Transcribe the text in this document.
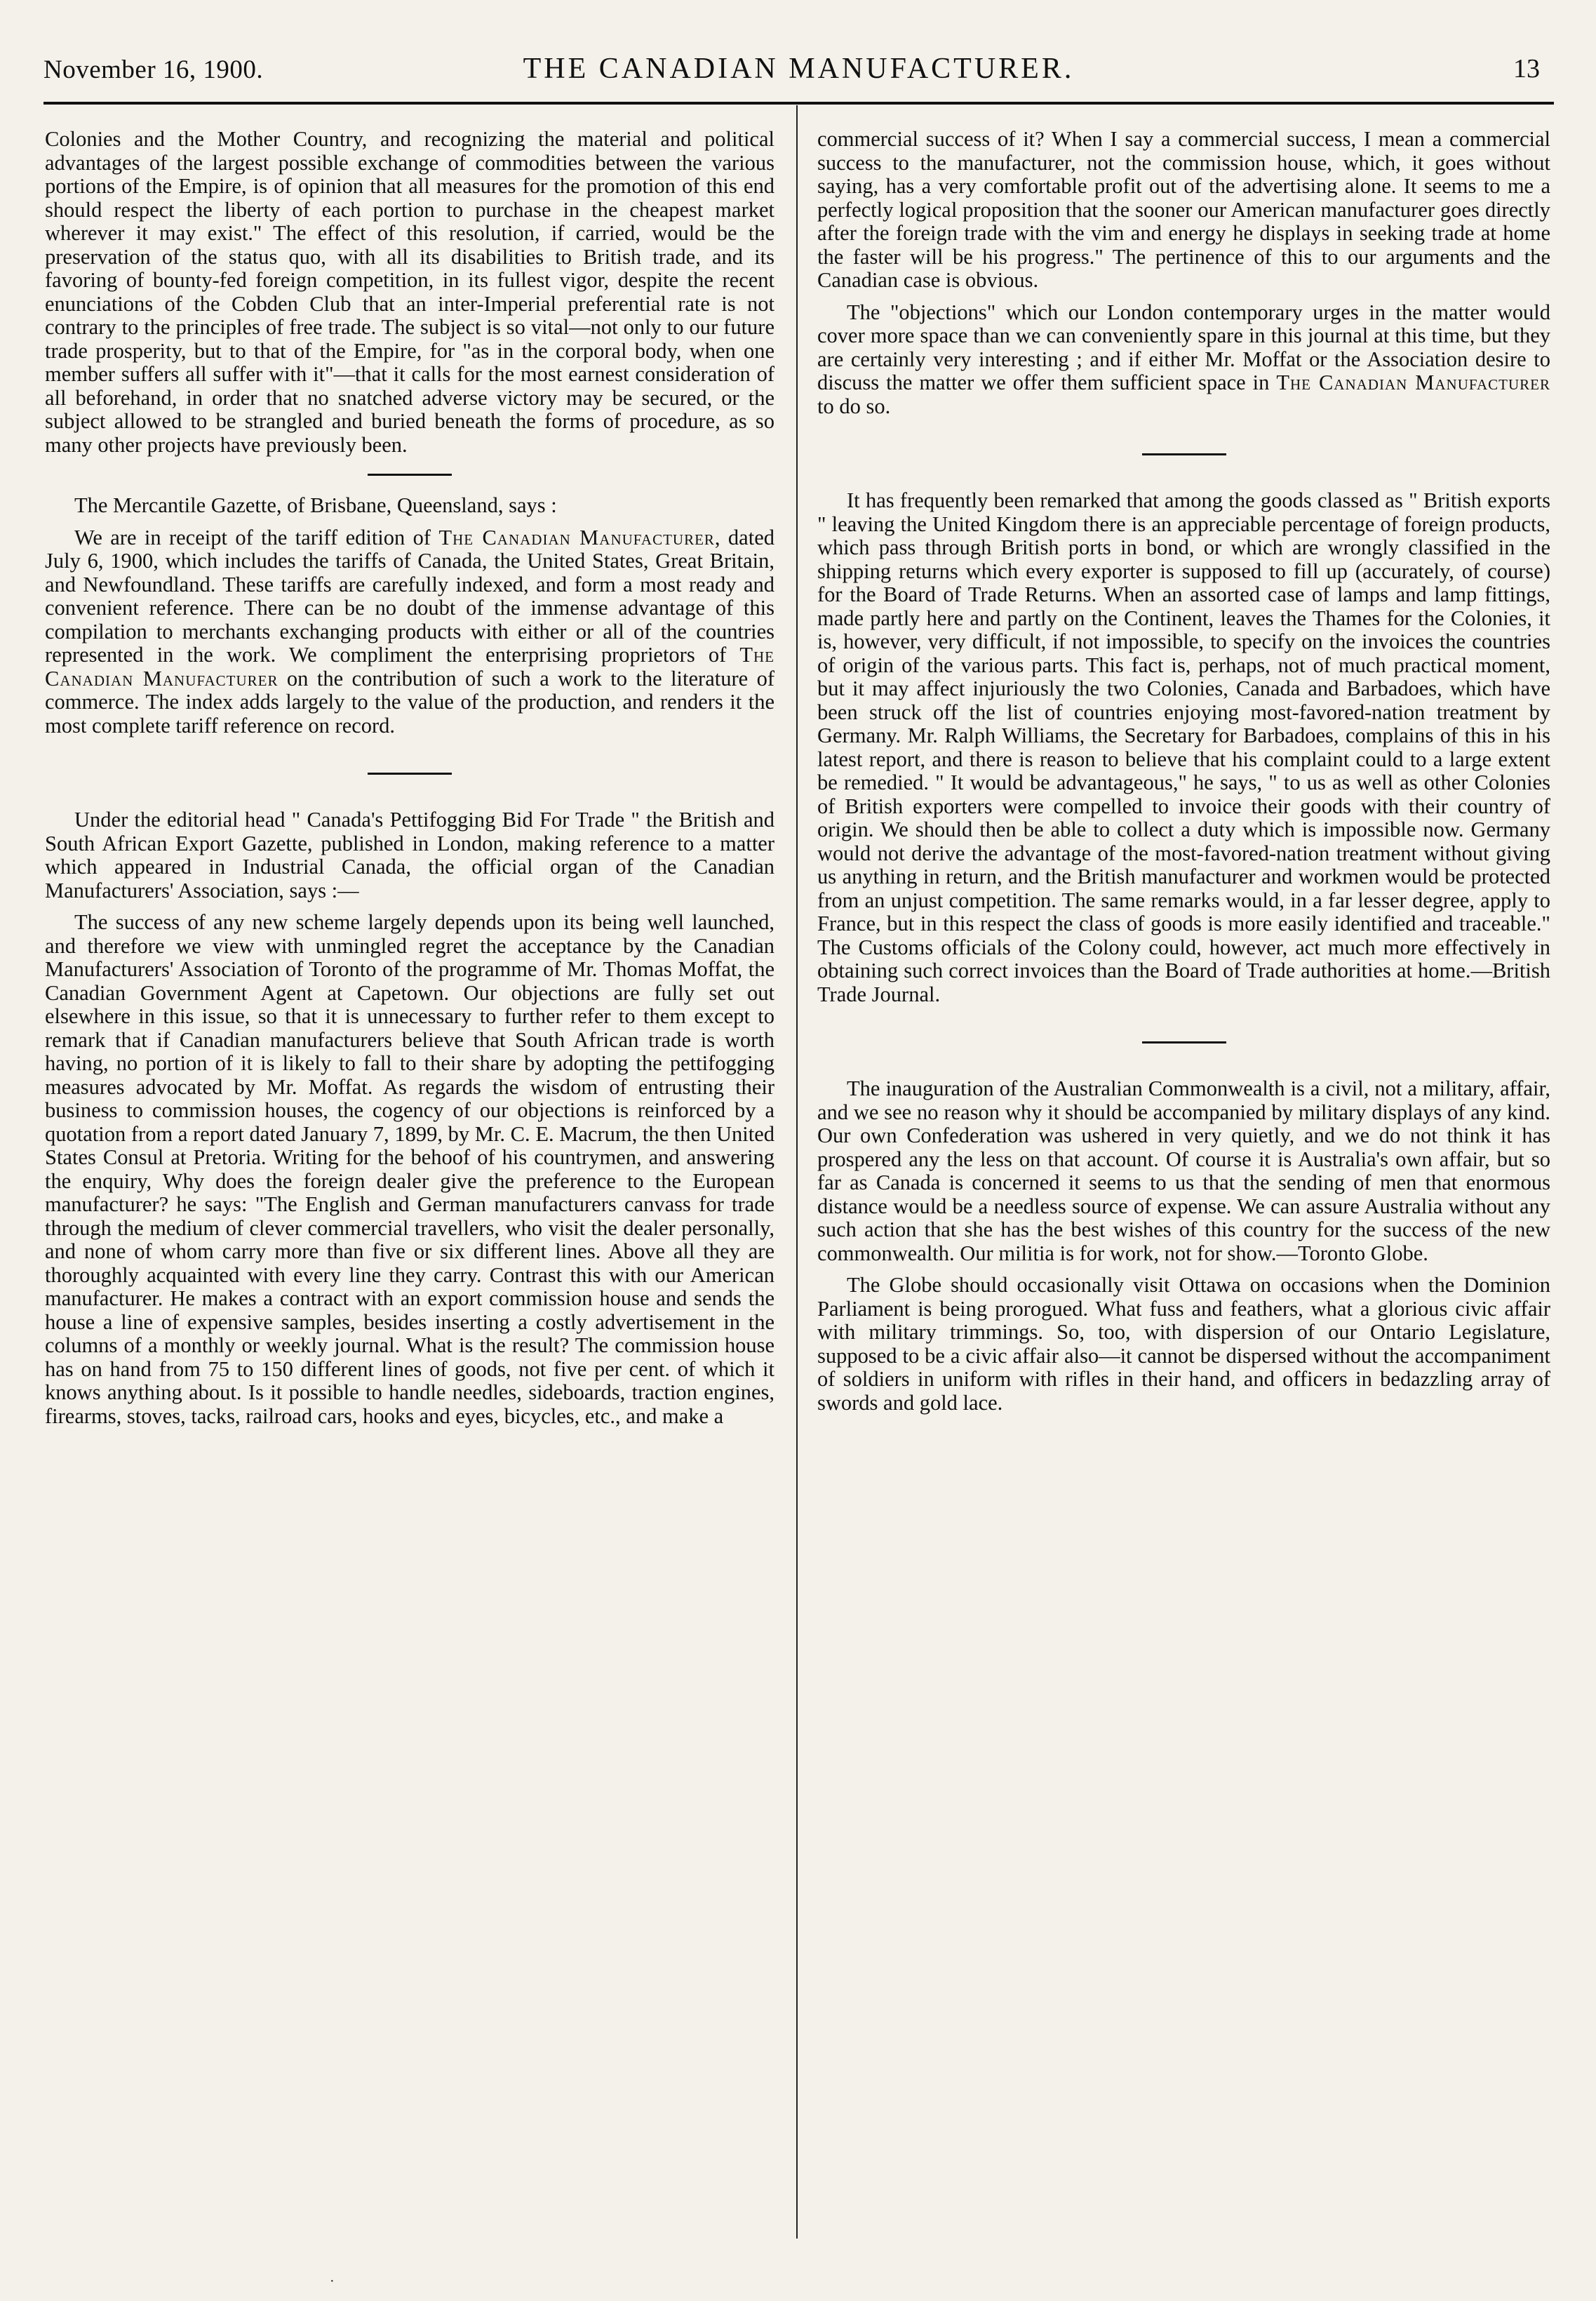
November 16, 1900.	THE CANADIAN MANUFACTURER.	13

Colonies and the Mother Country, and recognizing the material and political advantages of the largest possible exchange of commodities between the various portions of the Empire, is of opinion that all measures for the promotion of this end should respect the liberty of each portion to purchase in the cheapest market wherever it may exist." The effect of this resolution, if carried, would be the preservation of the status quo, with all its disabilities to British trade, and its favoring of bounty-fed foreign competition, in its fullest vigor, despite the recent enunciations of the Cobden Club that an inter-Imperial preferential rate is not contrary to the principles of free trade. The subject is so vital—not only to our future trade prosperity, but to that of the Empire, for "as in the corporal body, when one member suffers all suffer with it"—that it calls for the most earnest consideration of all beforehand, in order that no snatched adverse victory may be secured, or the subject allowed to be strangled and buried beneath the forms of procedure, as so many other projects have previously been.

The Mercantile Gazette, of Brisbane, Queensland, says :

We are in receipt of the tariff edition of The Canadian Manufacturer, dated July 6, 1900, which includes the tariffs of Canada, the United States, Great Britain, and Newfoundland. These tariffs are carefully indexed, and form a most ready and convenient reference. There can be no doubt of the immense advantage of this compilation to merchants exchanging products with either or all of the countries represented in the work. We compliment the enterprising proprietors of The Canadian Manufacturer on the contribution of such a work to the literature of commerce. The index adds largely to the value of the production, and renders it the most complete tariff reference on record.

Under the editorial head " Canada's Pettifogging Bid For Trade " the British and South African Export Gazette, published in London, making reference to a matter which appeared in Industrial Canada, the official organ of the Canadian Manufacturers' Association, says :—

The success of any new scheme largely depends upon its being well launched, and therefore we view with unmingled regret the acceptance by the Canadian Manufacturers' Association of Toronto of the programme of Mr. Thomas Moffat, the Canadian Government Agent at Capetown. Our objections are fully set out elsewhere in this issue, so that it is unnecessary to further refer to them except to remark that if Canadian manufacturers believe that South African trade is worth having, no portion of it is likely to fall to their share by adopting the pettifogging measures advocated by Mr. Moffat. As regards the wisdom of entrusting their business to commission houses, the cogency of our objections is reinforced by a quotation from a report dated January 7, 1899, by Mr. C. E. Macrum, the then United States Consul at Pretoria. Writing for the behoof of his countrymen, and answering the enquiry, Why does the foreign dealer give the preference to the European manufacturer? he says: "The English and German manufacturers canvass for trade through the medium of clever commercial travellers, who visit the dealer personally, and none of whom carry more than five or six different lines. Above all they are thoroughly acquainted with every line they carry. Contrast this with our American manufacturer. He makes a contract with an export commission house and sends the house a line of expensive samples, besides inserting a costly advertisement in the columns of a monthly or weekly journal. What is the result? The commission house has on hand from 75 to 150 different lines of goods, not five per cent. of which it knows anything about. Is it possible to handle needles, sideboards, traction engines, firearms, stoves, tacks, railroad cars, hooks and eyes, bicycles, etc., and make a

commercial success of it? When I say a commercial success, I mean a commercial success to the manufacturer, not the commission house, which, it goes without saying, has a very comfortable profit out of the advertising alone. It seems to me a perfectly logical proposition that the sooner our American manufacturer goes directly after the foreign trade with the vim and energy he displays in seeking trade at home the faster will be his progress." The pertinence of this to our arguments and the Canadian case is obvious.

The "objections" which our London contemporary urges in the matter would cover more space than we can conveniently spare in this journal at this time, but they are certainly very interesting ; and if either Mr. Moffat or the Association desire to discuss the matter we offer them sufficient space in The Canadian Manufacturer to do so.

It has frequently been remarked that among the goods classed as " British exports " leaving the United Kingdom there is an appreciable percentage of foreign products, which pass through British ports in bond, or which are wrongly classified in the shipping returns which every exporter is supposed to fill up (accurately, of course) for the Board of Trade Returns. When an assorted case of lamps and lamp fittings, made partly here and partly on the Continent, leaves the Thames for the Colonies, it is, however, very difficult, if not impossible, to specify on the invoices the countries of origin of the various parts. This fact is, perhaps, not of much practical moment, but it may affect injuriously the two Colonies, Canada and Barbadoes, which have been struck off the list of countries enjoying most-favored-nation treatment by Germany. Mr. Ralph Williams, the Secretary for Barbadoes, complains of this in his latest report, and there is reason to believe that his complaint could to a large extent be remedied. " It would be advantageous," he says, " to us as well as other Colonies of British exporters were compelled to invoice their goods with their country of origin. We should then be able to collect a duty which is impossible now. Germany would not derive the advantage of the most-favored-nation treatment without giving us anything in return, and the British manufacturer and workmen would be protected from an unjust competition. The same remarks would, in a far lesser degree, apply to France, but in this respect the class of goods is more easily identified and traceable." The Customs officials of the Colony could, however, act much more effectively in obtaining such correct invoices than the Board of Trade authorities at home.—British Trade Journal.

The inauguration of the Australian Commonwealth is a civil, not a military, affair, and we see no reason why it should be accompanied by military displays of any kind. Our own Confederation was ushered in very quietly, and we do not think it has prospered any the less on that account. Of course it is Australia's own affair, but so far as Canada is concerned it seems to us that the sending of men that enormous distance would be a needless source of expense. We can assure Australia without any such action that she has the best wishes of this country for the success of the new commonwealth. Our militia is for work, not for show.—Toronto Globe.

The Globe should occasionally visit Ottawa on occasions when the Dominion Parliament is being prorogued. What fuss and feathers, what a glorious civic affair with military trimmings. So, too, with dispersion of our Ontario Legislature, supposed to be a civic affair also—it cannot be dispersed without the accompaniment of soldiers in uniform with rifles in their hand, and officers in bedazzling array of swords and gold lace.

·
